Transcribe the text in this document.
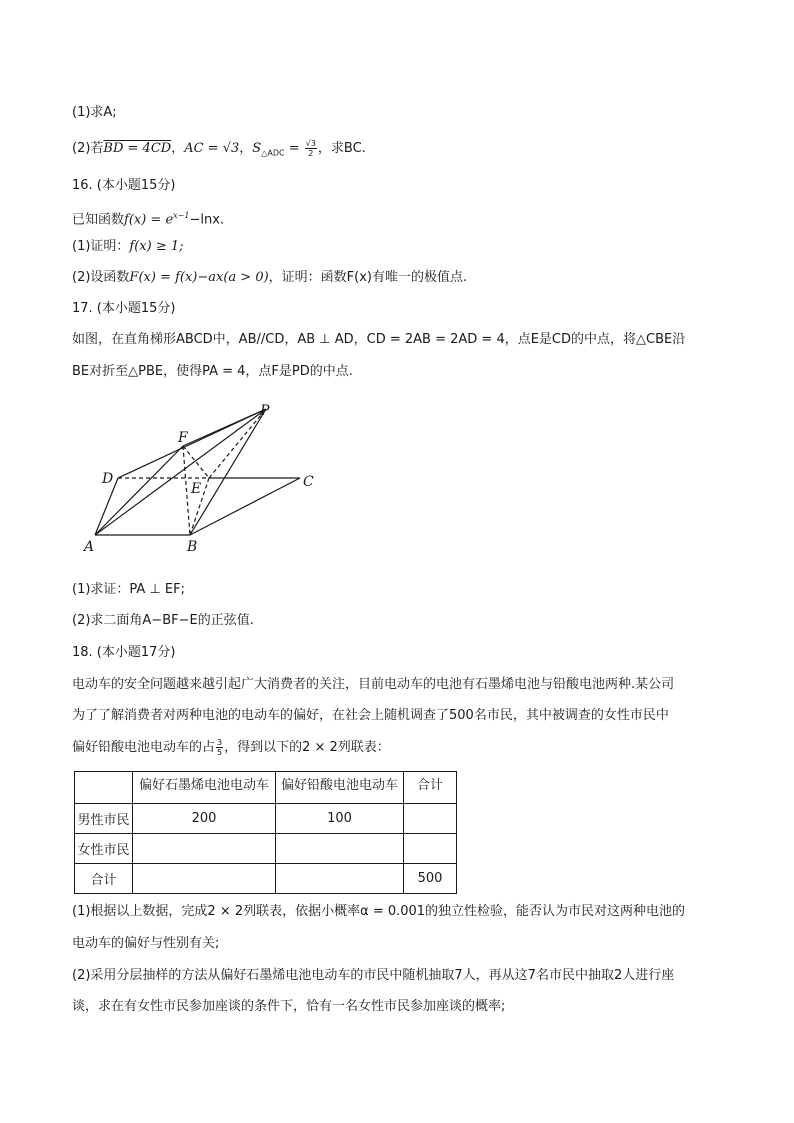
(1)求A;
(2)若BD = 4CD，AC = √3，$S_{\triangle ADC} = \frac{√3}{2}$ ，求BC.
16. (本小题15分)
已知函数$f(x) = e^{x-1}-\ln x$.
(1)证明：f(x) ≥ 1;
(2)设函数F(x) = f(x)−ax(a > 0)，证明：函数F(x)有唯一的极值点.
17. (本小题15分)
如图，在直角梯形ABCD中，AB//CD，AB ⊥ AD，CD = 2AB = 2AD = 4，点E是CD的中点，将△CBE沿
BE对折至△PBE，使得PA = 4，点F是PD的中点.
P
F
D
E	C
A	B
(1)求证：PA ⊥ EF;
(2)求二面角A−BF−E的正弦值.
18. (本小题17分)
电动车的安全问题越来越引起广大消费者的关注，目前电动车的电池有石墨烯电池与铅酸电池两种.某公司
为了了解消费者对两种电池的电动车的偏好，在社会上随机调查了500名市民，其中被调查的女性市民中
偏好铅酸电池电动车的占 $\frac{3}{5}$ ，得到以下的2 × 2列联表：
	偏好石墨烯电池电动车	偏好铅酸电池电动车	合计
男性市民	200	100	
女性市民			
合计			500
(1)根据以上数据，完成2 × 2列联表，依据小概率α = 0.001的独立性检验，能否认为市民对这两种电池的
电动车的偏好与性别有关;
(2)采用分层抽样的方法从偏好石墨烯电池电动车的市民中随机抽取7人，再从这7名市民中抽取2人进行座
谈，求在有女性市民参加座谈的条件下，恰有一名女性市民参加座谈的概率;
